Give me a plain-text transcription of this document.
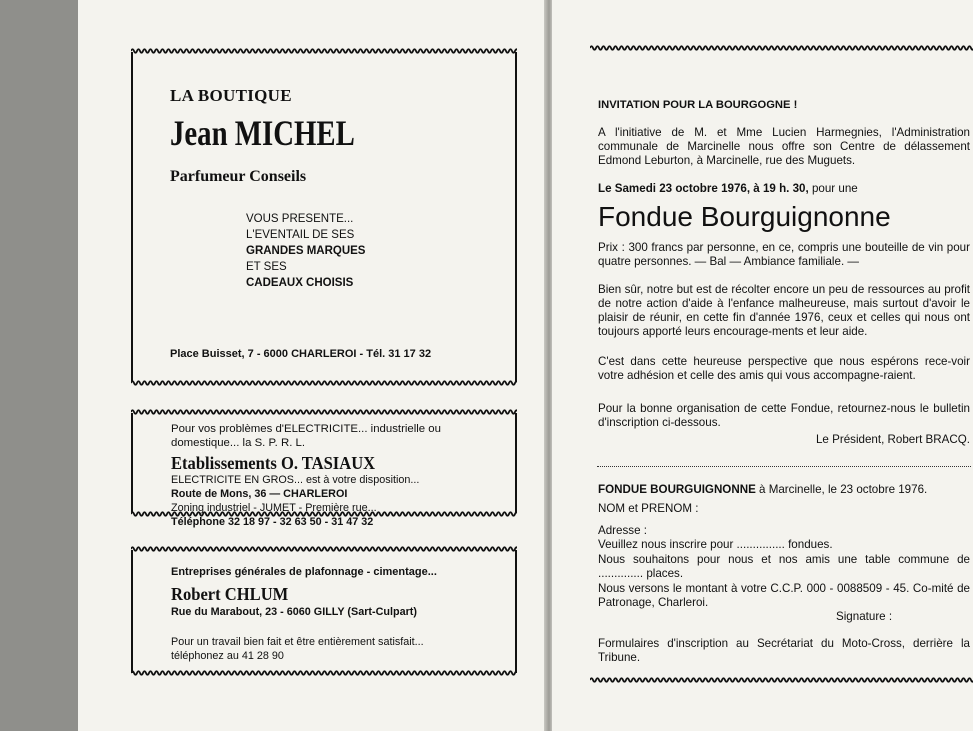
LA BOUTIQUE
Jean MICHEL
Parfumeur Conseils
VOUS PRESENTE...
L'EVENTAIL DE SES
GRANDES MARQUES
ET SES
CADEAUX CHOISIS
Place Buisset, 7 - 6000 CHARLEROI - Tél. 31 17 32
Pour vos problèmes d'ELECTRICITE... industrielle ou
domestique... la S. P. R. L.
Etablissements O. TASIAUX
ELECTRICITE EN GROS... est à votre disposition...
Route de Mons, 36 — CHARLEROI
Zoning industriel - JUMET - Première rue...
Téléphone 32 18 97 - 32 63 50 - 31 47 32
Entreprises générales de plafonnage - cimentage...
Robert CHLUM
Rue du Marabout, 23 - 6060 GILLY (Sart-Culpart)
Pour un travail bien fait et être entièrement satisfait...
téléphonez au 41 28 90
INVITATION POUR LA BOURGOGNE !
A l'initiative de M. et Mme Lucien Harmegnies, l'Administration communale de Marcinelle nous offre son Centre de délassement Edmond Leburton, à Marcinelle, rue des Muguets.
Le Samedi 23 octobre 1976, à 19 h. 30, pour une
Fondue Bourguignonne
Prix : 300 francs par personne, en ce, compris une bouteille de vin pour quatre personnes. — Bal — Ambiance familiale. —
Bien sûr, notre but est de récolter encore un peu de ressources au profit de notre action d'aide à l'enfance malheureuse, mais surtout d'avoir le plaisir de réunir, en cette fin d'année 1976, ceux et celles qui nous ont toujours apporté leurs encourage-ments et leur aide.
C'est dans cette heureuse perspective que nous espérons rece-voir votre adhésion et celle des amis qui vous accompagne-raient.
Pour la bonne organisation de cette Fondue, retournez-nous le bulletin d'inscription ci-dessous.
Le Président, Robert BRACQ.
FONDUE BOURGUIGNONNE à Marcinelle, le 23 octobre 1976.
NOM et PRENOM :
Adresse :
Veuillez nous inscrire pour ............... fondues.
Nous souhaitons pour nous et nos amis une table commune de .............. places.
Nous versons le montant à votre C.C.P. 000 - 0088509 - 45. Co-mité de Patronage, Charleroi.
Signature :
Formulaires d'inscription au Secrétariat du Moto-Cross, derrière la Tribune.
